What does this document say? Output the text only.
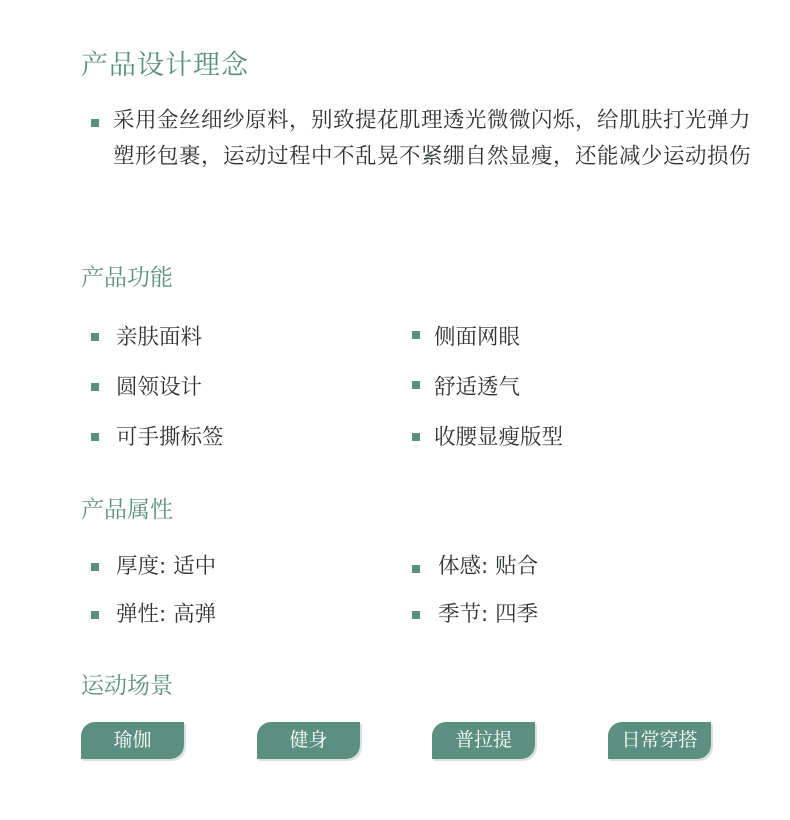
产品设计理念

采用金丝细纱原料，别致提花肌理透光微微闪烁，给肌肤打光弹力塑形包裹，运动过程中不乱晃不紧绷自然显瘦，还能减少运动损伤

产品功能
亲肤面料	侧面网眼
圆领设计	舒适透气
可手撕标签	收腰显瘦版型
产品属性
厚度: 适中	体感: 贴合
弹性: 高弹	季节: 四季
运动场景
瑜伽	健身	普拉提	日常穿搭
